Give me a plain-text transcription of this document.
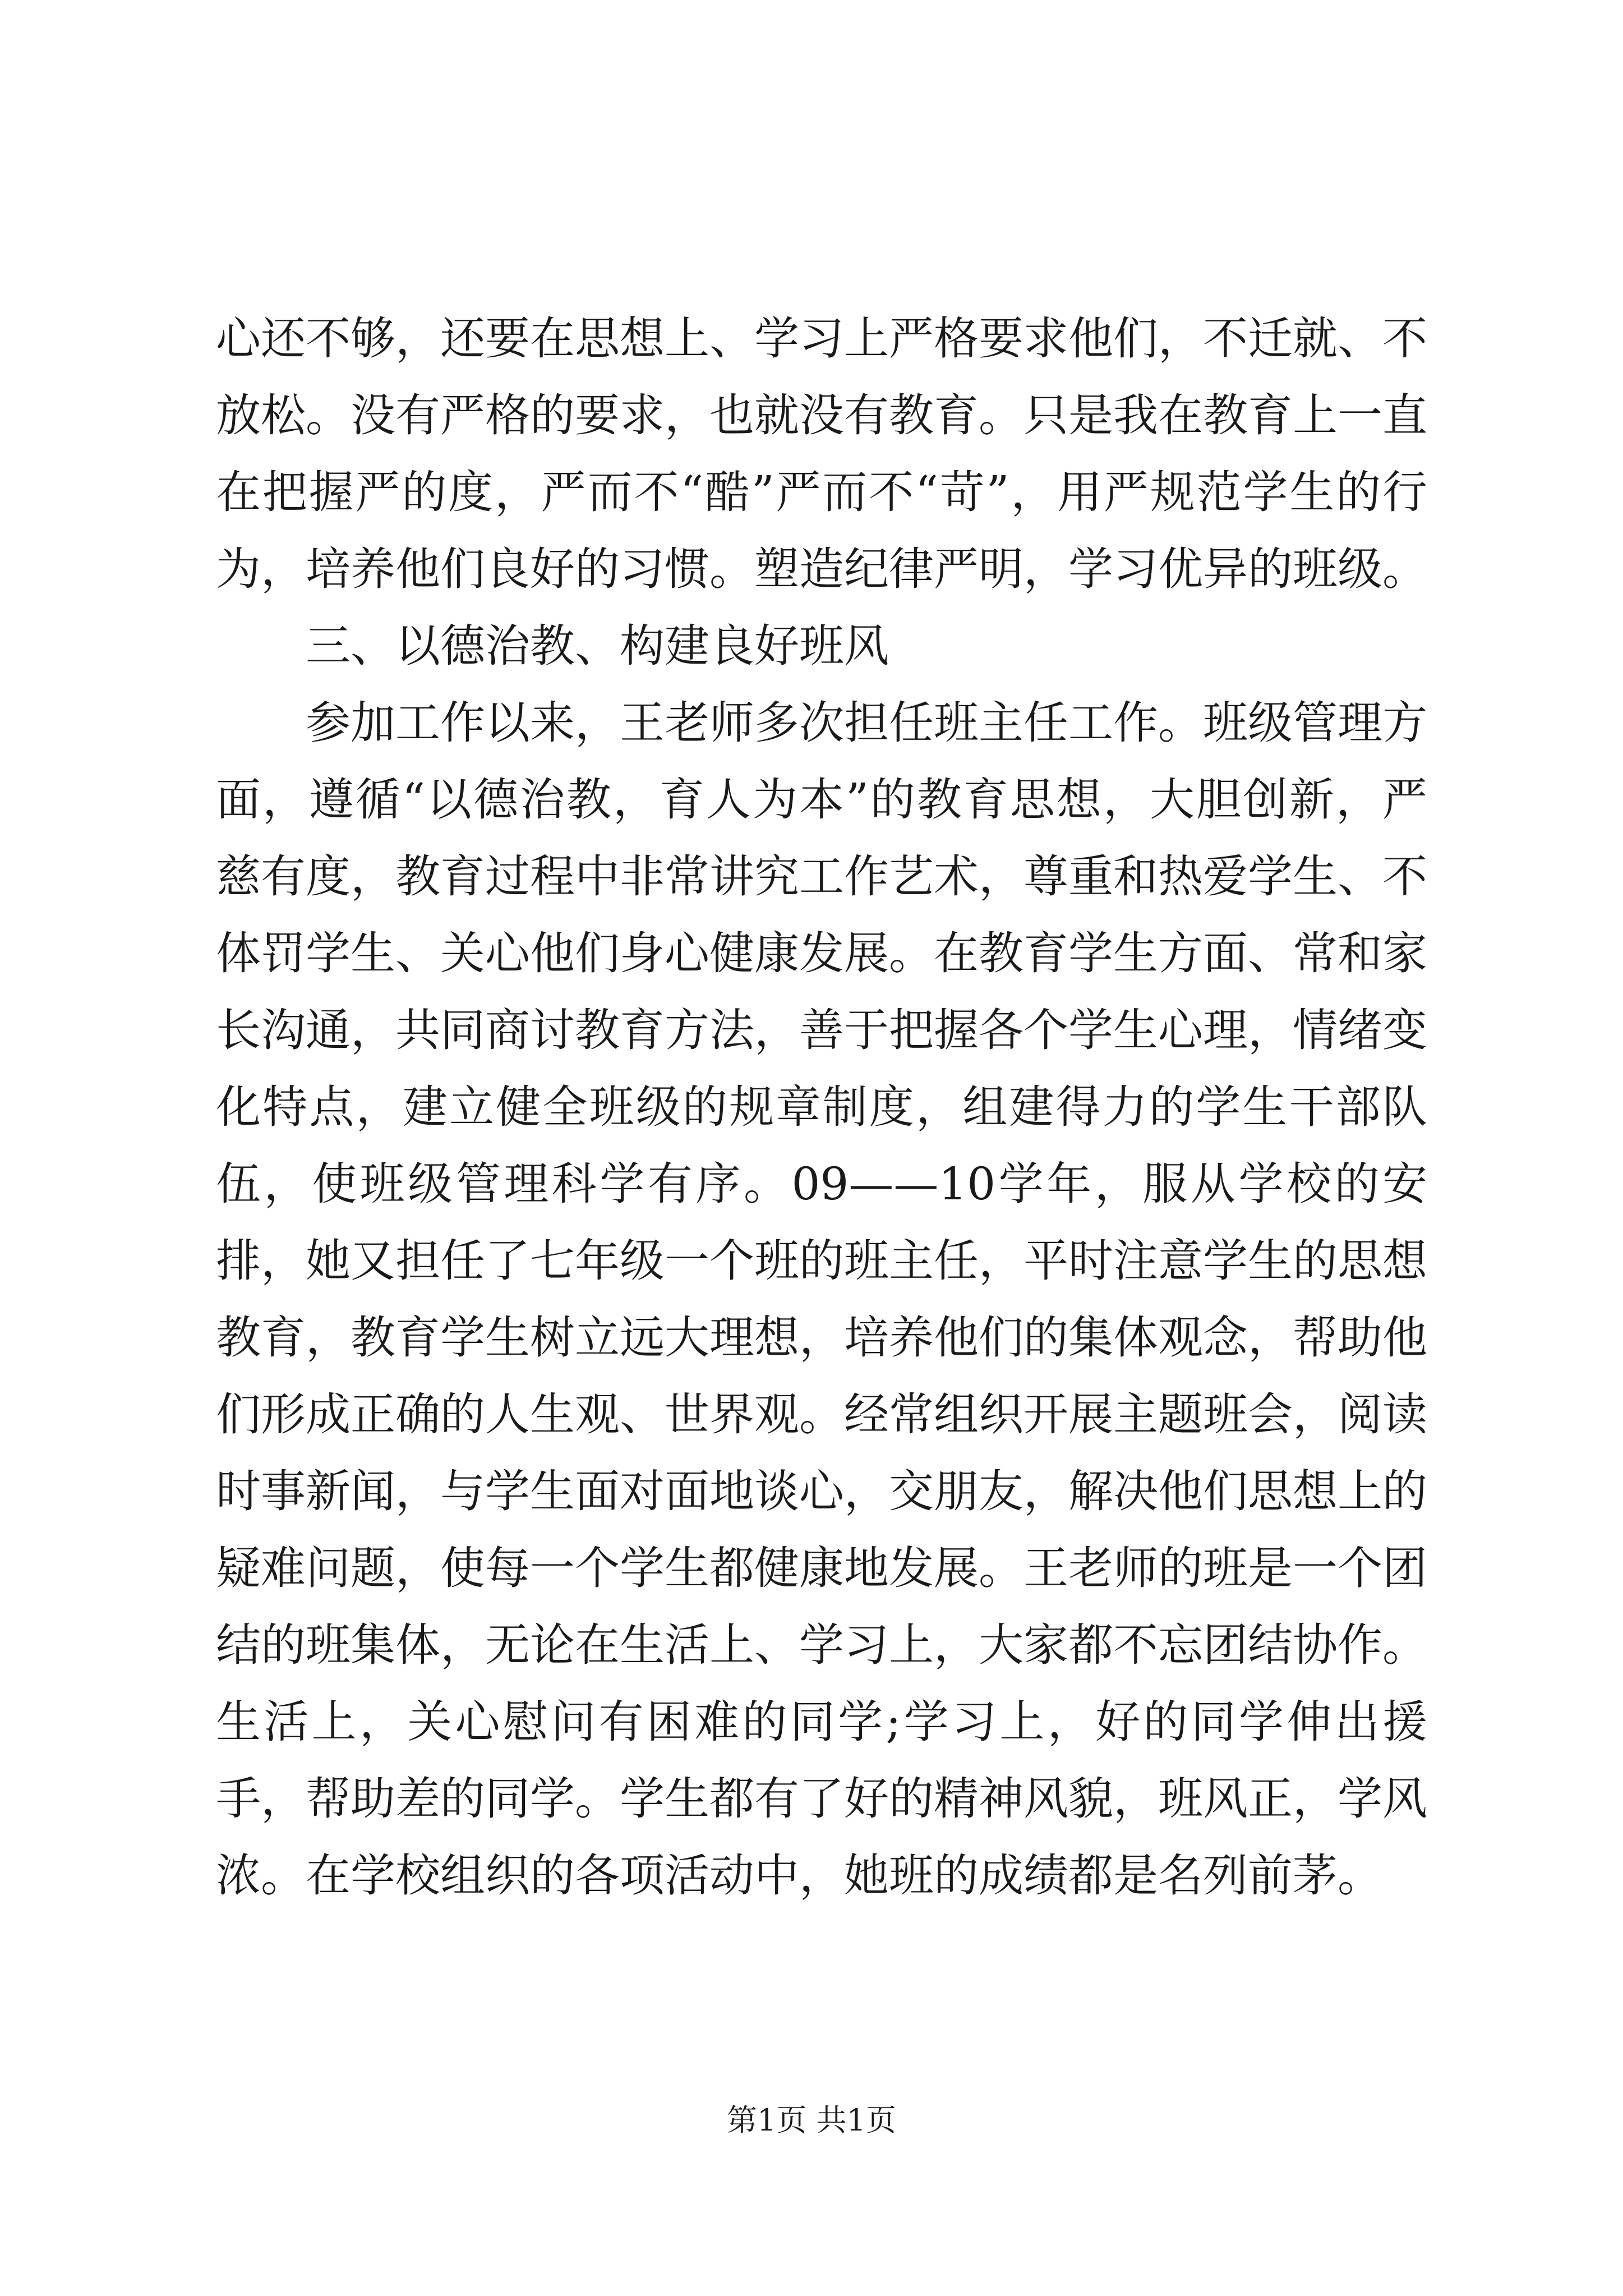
心还不够，还要在思想上、学习上严格要求他们，不迁就、不放松。没有严格的要求，也就没有教育。只是我在教育上一直在把握严的度，严而不“酷”严而不“苛”，用严规范学生的行为，培养他们良好的习惯。塑造纪律严明，学习优异的班级。

三、以德治教、构建良好班风

参加工作以来，王老师多次担任班主任工作。班级管理方面，遵循“以德治教，育人为本”的教育思想，大胆创新，严慈有度，教育过程中非常讲究工作艺术，尊重和热爱学生、不体罚学生、关心他们身心健康发展。在教育学生方面、常和家长沟通，共同商讨教育方法，善于把握各个学生心理，情绪变化特点，建立健全班级的规章制度，组建得力的学生干部队伍，使班级管理科学有序。09——10学年，服从学校的安排，她又担任了七年级一个班的班主任，平时注意学生的思想教育，教育学生树立远大理想，培养他们的集体观念，帮助他们形成正确的人生观、世界观。经常组织开展主题班会，阅读时事新闻，与学生面对面地谈心，交朋友，解决他们思想上的疑难问题，使每一个学生都健康地发展。王老师的班是一个团结的班集体，无论在生活上、学习上，大家都不忘团结协作。生活上，关心慰问有困难的同学;学习上，好的同学伸出援手，帮助差的同学。学生都有了好的精神风貌，班风正，学风浓。在学校组织的各项活动中，她班的成绩都是名列前茅。

第1页 共1页
